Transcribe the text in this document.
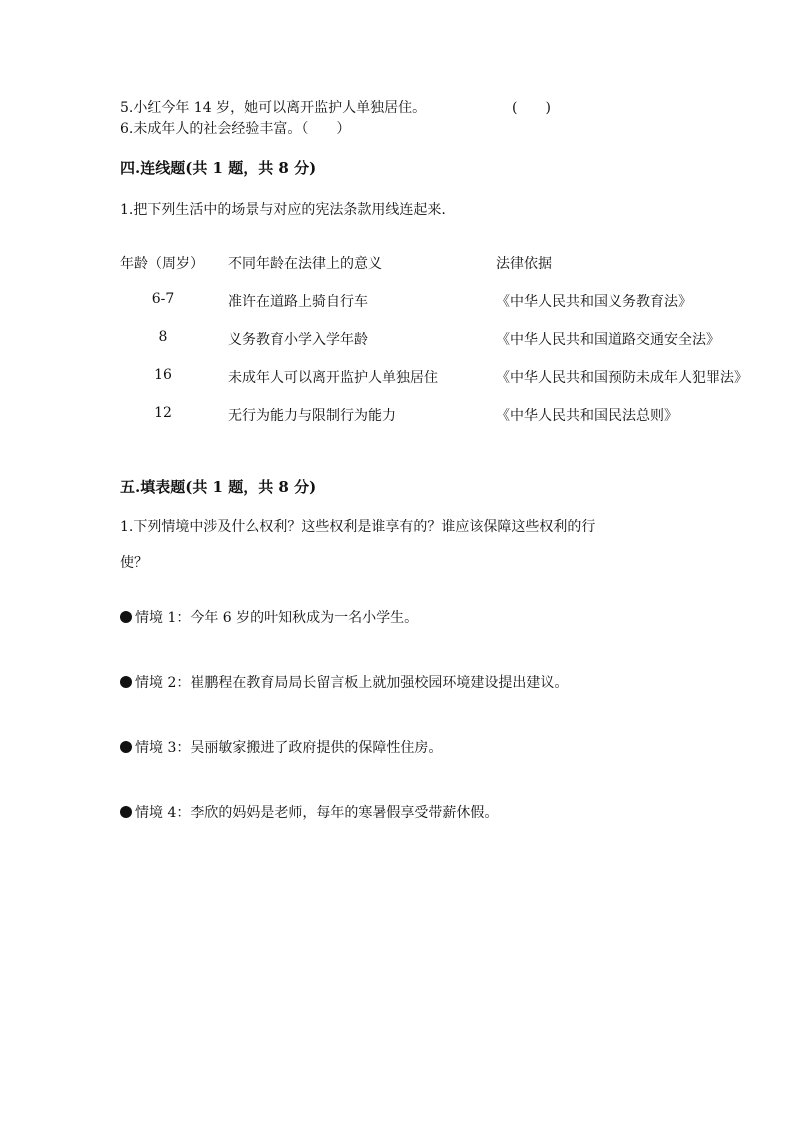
5.小红今年 14 岁，她可以离开监护人单独居住。	(　　)
6.未成年人的社会经验丰富。（　　）
四.连线题(共 1 题，共 8 分)
1.把下列生活中的场景与对应的宪法条款用线连起来.
年龄（周岁） 不同年龄在法律上的意义	法律依据
6-7	准许在道路上骑自行车	《中华人民共和国义务教育法》
8	义务教育小学入学年龄	《中华人民共和国道路交通安全法》
16	未成年人可以离开监护人单独居住	《中华人民共和国预防未成年人犯罪法》
12	无行为能力与限制行为能力	《中华人民共和国民法总则》
五.填表题(共 1 题，共 8 分)
1.下列情境中涉及什么权利？这些权利是谁享有的？谁应该保障这些权利的行
使？
情境 1：今年 6 岁的叶知秋成为一名小学生。
情境 2：崔鹏程在教育局局长留言板上就加强校园环境建设提出建议。
情境 3：吴丽敏家搬进了政府提供的保障性住房。
情境 4：李欣的妈妈是老师，每年的寒暑假享受带薪休假。
